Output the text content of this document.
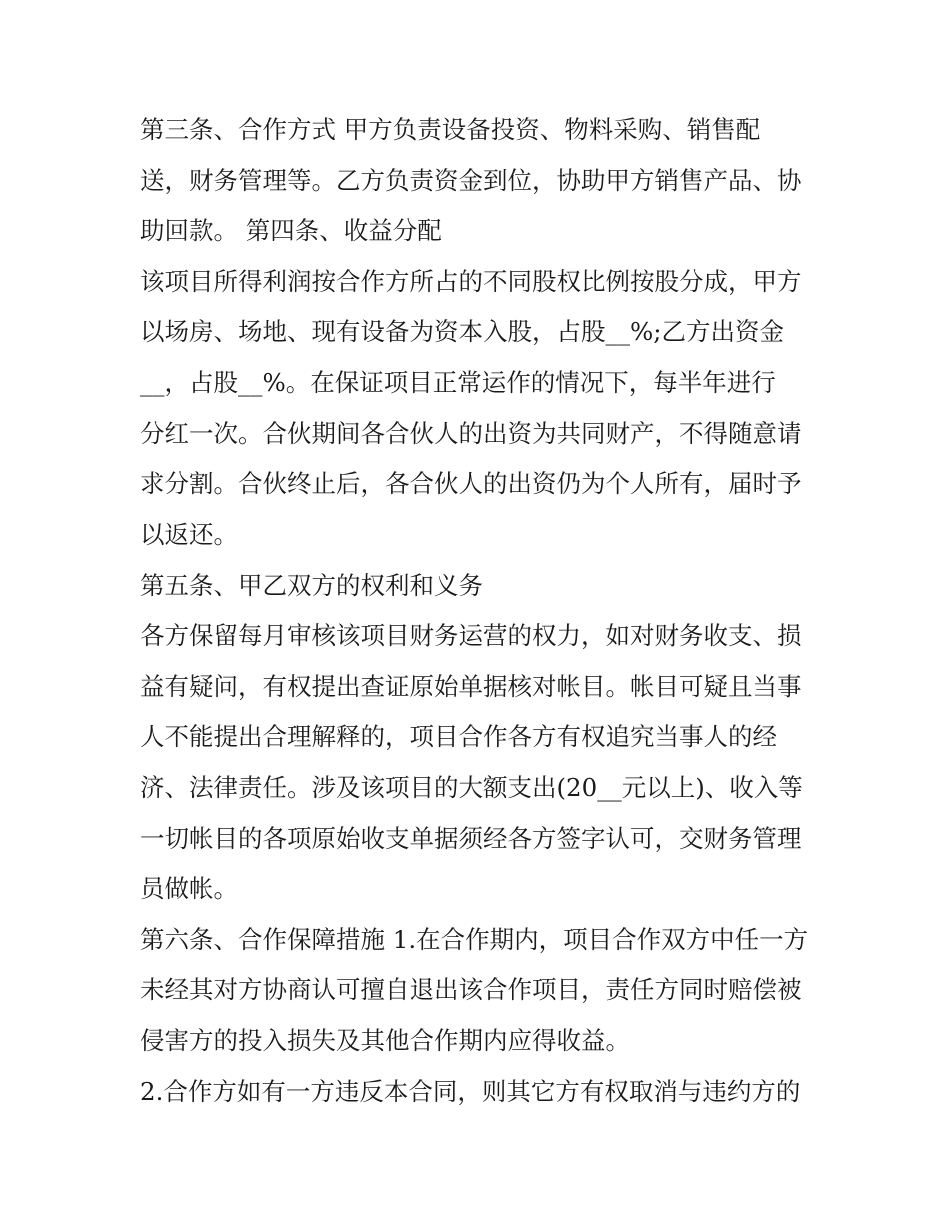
第三条、合作方式 甲方负责设备投资、物料采购、销售配
送，财务管理等。乙方负责资金到位，协助甲方销售产品、协
助回款。 第四条、收益分配
该项目所得利润按合作方所占的不同股权比例按股分成，甲方
以场房、场地、现有设备为资本入股，占股__%;乙方出资金
__，占股__%。在保证项目正常运作的情况下，每半年进行
分红一次。合伙期间各合伙人的出资为共同财产，不得随意请
求分割。合伙终止后，各合伙人的出资仍为个人所有，届时予
以返还。
第五条、甲乙双方的权利和义务
各方保留每月审核该项目财务运营的权力，如对财务收支、损
益有疑问，有权提出查证原始单据核对帐目。帐目可疑且当事
人不能提出合理解释的，项目合作各方有权追究当事人的经
济、法律责任。涉及该项目的大额支出(20__元以上)、收入等
一切帐目的各项原始收支单据须经各方签字认可，交财务管理
员做帐。
第六条、合作保障措施 1.在合作期内，项目合作双方中任一方
未经其对方协商认可擅自退出该合作项目，责任方同时赔偿被
侵害方的投入损失及其他合作期内应得收益。
2.合作方如有一方违反本合同，则其它方有权取消与违约方的
